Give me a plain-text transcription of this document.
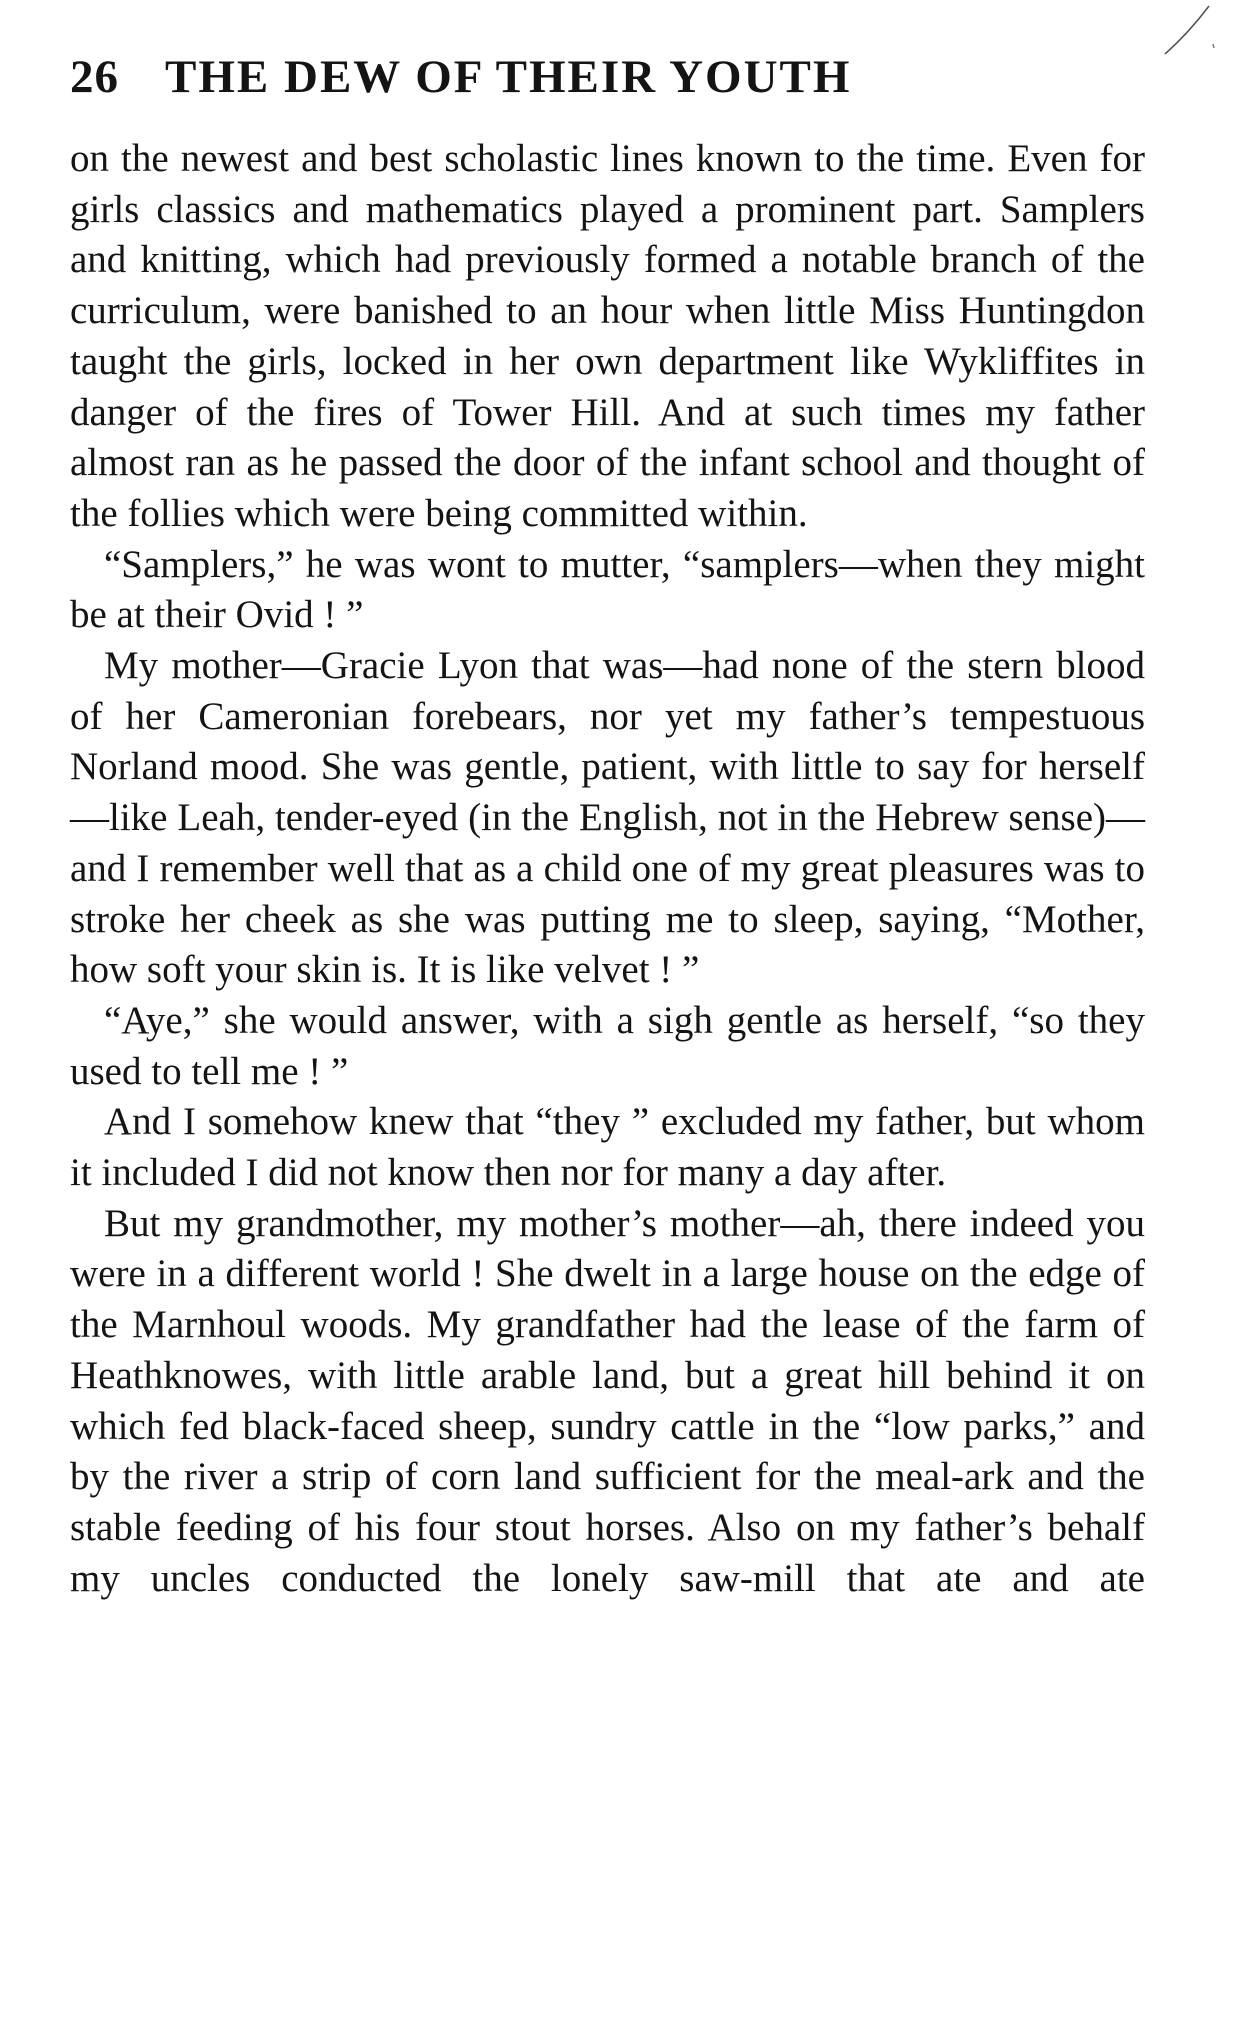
26 THE DEW OF THEIR YOUTH

on the newest and best scholastic lines known to the time. Even for girls classics and mathematics played a prominent part. Samplers and knitting, which had previously formed a notable branch of the curriculum, were banished to an hour when little Miss Huntingdon taught the girls, locked in her own department like Wykliffites in danger of the fires of Tower Hill. And at such times my father almost ran as he passed the door of the infant school and thought of the follies which were being committed within.

“Samplers,” he was wont to mutter, “samplers—when they might be at their Ovid ! ”

My mother—Gracie Lyon that was—had none of the stern blood of her Cameronian forebears, nor yet my father’s tempestuous Norland mood. She was gentle, patient, with little to say for herself—like Leah, tender-eyed (in the English, not in the Hebrew sense)—and I remember well that as a child one of my great pleasures was to stroke her cheek as she was putting me to sleep, saying, “Mother, how soft your skin is. It is like velvet ! ”

“Aye,” she would answer, with a sigh gentle as herself, “so they used to tell me ! ”

And I somehow knew that “they ” excluded my father, but whom it included I did not know then nor for many a day after.

But my grandmother, my mother’s mother—ah, there indeed you were in a different world ! She dwelt in a large house on the edge of the Marnhoul woods. My grandfather had the lease of the farm of Heathknowes, with little arable land, but a great hill behind it on which fed black-faced sheep, sundry cattle in the “low parks,” and by the river a strip of corn land sufficient for the meal-ark and the stable feeding of his four stout horses. Also on my father’s behalf my uncles conducted the lonely saw-mill that ate and ate
